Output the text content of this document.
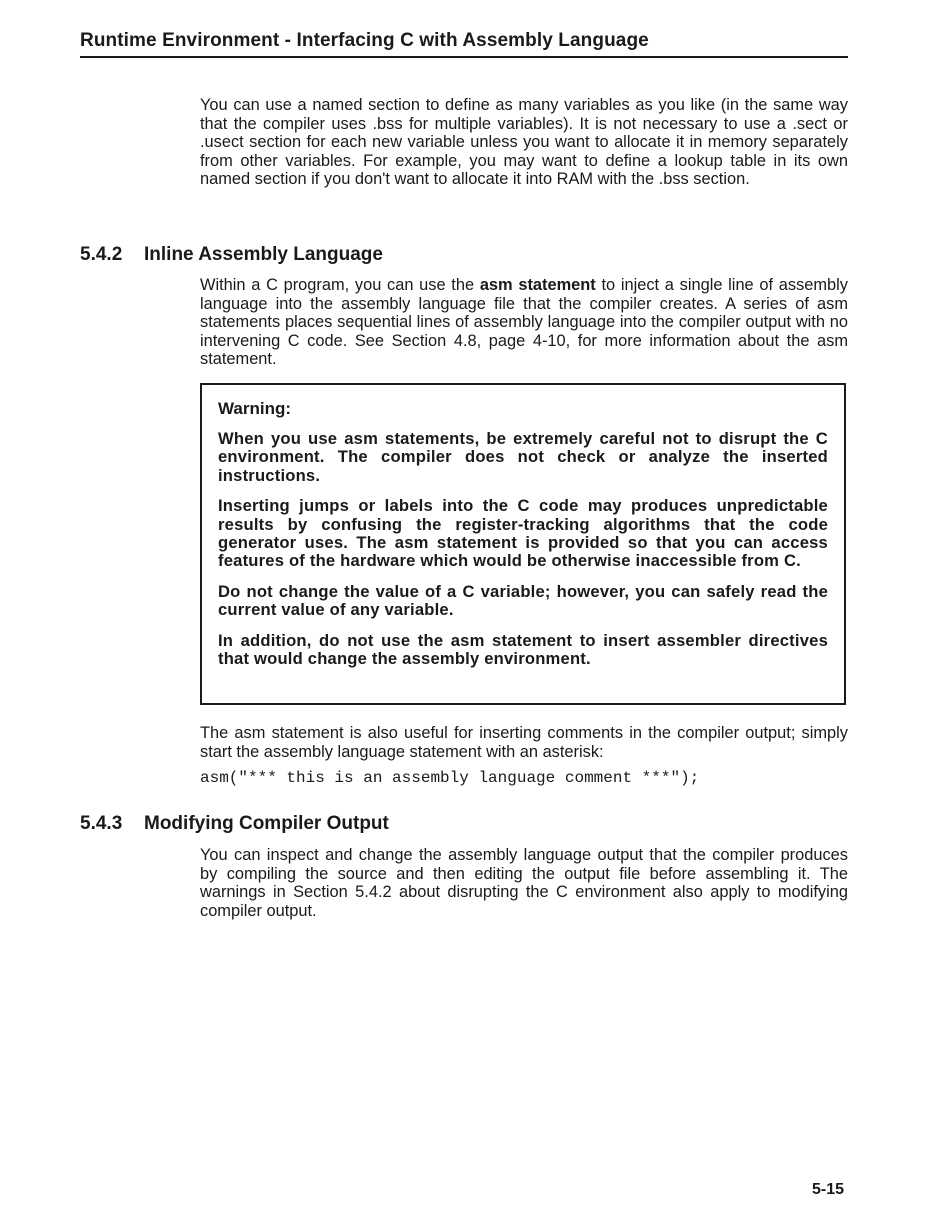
Runtime Environment - Interfacing C with Assembly Language

You can use a named section to define as many variables as you like (in the same way that the compiler uses .bss for multiple variables). It is not necessary to use a .sect or .usect section for each new variable unless you want to allocate it in memory separately from other variables. For example, you may want to define a lookup table in its own named section if you don't want to allocate it into RAM with the .bss section.

5.4.2 Inline Assembly Language

Within a C program, you can use the asm statement to inject a single line of assembly language into the assembly language file that the compiler creates. A series of asm statements places sequential lines of assembly language into the compiler output with no intervening C code. See Section 4.8, page 4-10, for more information about the asm statement.

Warning:

When you use asm statements, be extremely careful not to disrupt the C environment. The compiler does not check or analyze the inserted instructions.

Inserting jumps or labels into the C code may produces unpredictable results by confusing the register-tracking algorithms that the code generator uses. The asm statement is provided so that you can access features of the hardware which would be otherwise inaccessible from C.

Do not change the value of a C variable; however, you can safely read the current value of any variable.

In addition, do not use the asm statement to insert assembler directives that would change the assembly environment.

The asm statement is also useful for inserting comments in the compiler output; simply start the assembly language statement with an asterisk:

asm("*** this is an assembly language comment ***");
5.4.3 Modifying Compiler Output

You can inspect and change the assembly language output that the compiler produces by compiling the source and then editing the output file before assembling it. The warnings in Section 5.4.2 about disrupting the C environment also apply to modifying compiler output.

5-15
